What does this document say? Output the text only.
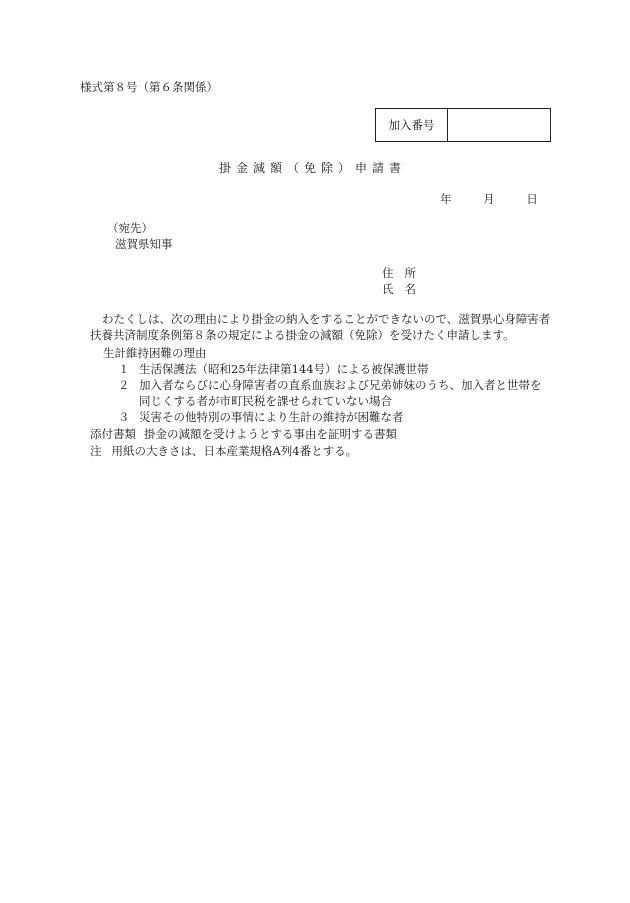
様式第８号（第６条関係）
加入番号
掛金減額（免除）申請書
年	月	日
（宛先）
滋賀県知事
住所
氏名
わたくしは、次の理由により掛金の納入をすることができないので、滋賀県心身障害者扶養共済制度条例第８条の規定による掛金の減額（免除）を受けたく申請します。
生計維持困難の理由
１ 生活保護法（昭和25年法律第144号）による被保護世帯
２ 加入者ならびに心身障害者の直系血族および兄弟姉妹のうち、加入者と世帯を
同じくする者が市町民税を課せられていない場合
３ 災害その他特別の事情により生計の維持が困難な者
添付書類 掛金の減額を受けようとする事由を証明する書類
注 用紙の大きさは、日本産業規格A列4番とする。
